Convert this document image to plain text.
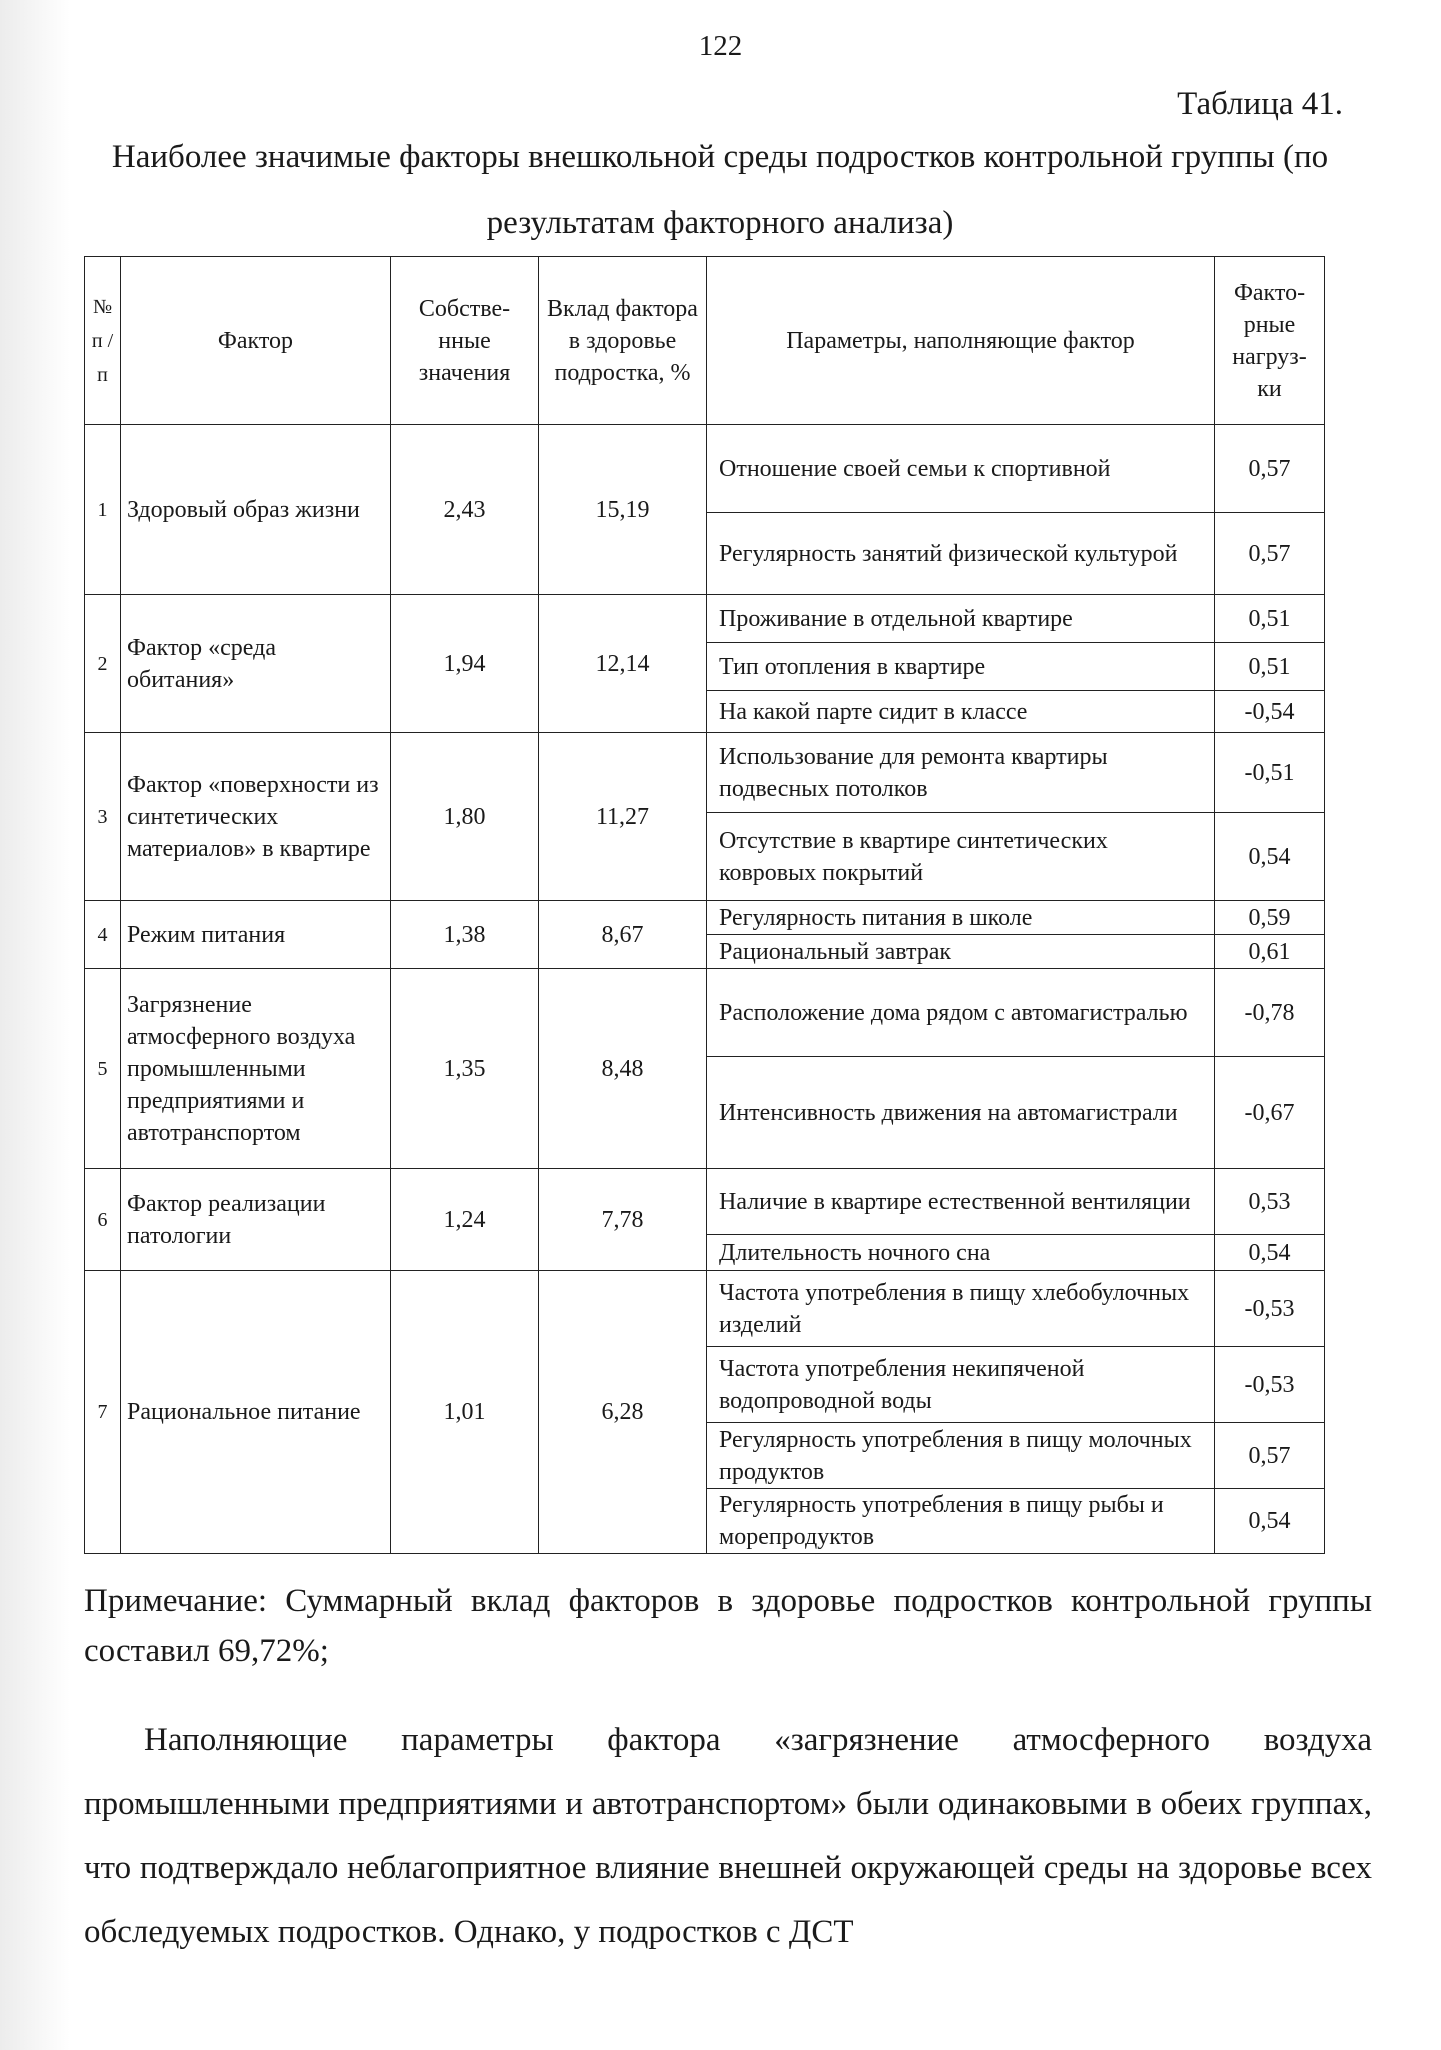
122
Таблица 41.
Наиболее значимые факторы внешкольной среды подростков контрольной группы (по результатам факторного анализа)
№ п / п	Фактор	Собстве-нные значения	Вклад фактора в здоровье подростка, %	Параметры, наполняющие фактор	Факто-рные нагруз-ки
1	Здоровый образ жизни	2,43	15,19	Отношение своей семьи к спортивной	0,57
				Регулярность занятий физической культурой	0,57
2	Фактор «среда обитания»	1,94	12,14	Проживание в отдельной квартире	0,51
				Тип отопления в квартире	0,51
				На какой парте сидит в классе	-0,54
3	Фактор «поверхности из синтетических материалов» в квартире	1,80	11,27	Использование для ремонта квартиры подвесных потолков	-0,51
				Отсутствие в квартире синтетических ковровых покрытий	0,54
4	Режим питания	1,38	8,67	Регулярность питания в школе	0,59
				Рациональный завтрак	0,61
5	Загрязнение атмосферного воздуха промышленными предприятиями и автотранспортом	1,35	8,48	Расположение дома рядом с автомагистралью	-0,78
				Интенсивность движения на автомагистрали	-0,67
6	Фактор реализации патологии	1,24	7,78	Наличие в квартире естественной вентиляции	0,53
				Длительность ночного сна	0,54
7	Рациональное питание	1,01	6,28	Частота употребления в пищу хлебобулочных изделий	-0,53
				Частота употребления некипяченой водопроводной воды	-0,53
				Регулярность употребления в пищу молочных продуктов	0,57
				Регулярность употребления в пищу рыбы и морепродуктов	0,54
Примечание: Суммарный вклад факторов в здоровье подростков контрольной группы составил 69,72%;
Наполняющие параметры фактора «загрязнение атмосферного воздуха промышленными предприятиями и автотранспортом» были одинаковыми в обеих группах, что подтверждало неблагоприятное влияние внешней окружающей среды на здоровье всех обследуемых подростков. Однако, у подростков с ДСТ
